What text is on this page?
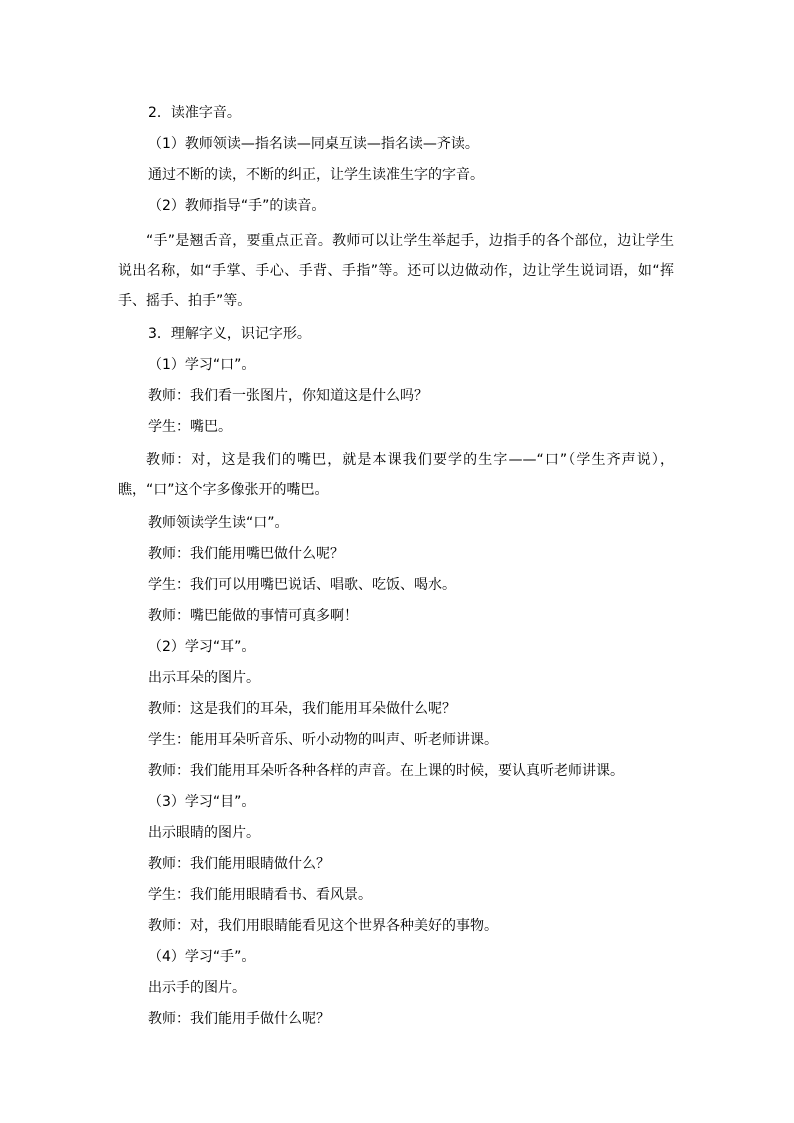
2．读准字音。
（1）教师领读—指名读—同桌互读—指名读—齐读。
通过不断的读，不断的纠正，让学生读准生字的字音。
（2）教师指导“手”的读音。

“手”是翘舌音，要重点正音。教师可以让学生举起手，边指手的各个部位，边让学生说出名称，如“手掌、手心、手背、手指”等。还可以边做动作，边让学生说词语，如“挥手、摇手、拍手”等。

3．理解字义，识记字形。
（1）学习“口”。
教师：我们看一张图片，你知道这是什么吗？
学生：嘴巴。

教师：对，这是我们的嘴巴，就是本课我们要学的生字——“口”（学生齐声说），瞧，“口”这个字多像张开的嘴巴。

教师领读学生读“口”。
教师：我们能用嘴巴做什么呢？
学生：我们可以用嘴巴说话、唱歌、吃饭、喝水。
教师：嘴巴能做的事情可真多啊！
（2）学习“耳”。
出示耳朵的图片。
教师：这是我们的耳朵，我们能用耳朵做什么呢？
学生：能用耳朵听音乐、听小动物的叫声、听老师讲课。
教师：我们能用耳朵听各种各样的声音。在上课的时候，要认真听老师讲课。
（3）学习“目”。
出示眼睛的图片。
教师：我们能用眼睛做什么？
学生：我们能用眼睛看书、看风景。
教师：对，我们用眼睛能看见这个世界各种美好的事物。
（4）学习“手”。
出示手的图片。
教师：我们能用手做什么呢？
